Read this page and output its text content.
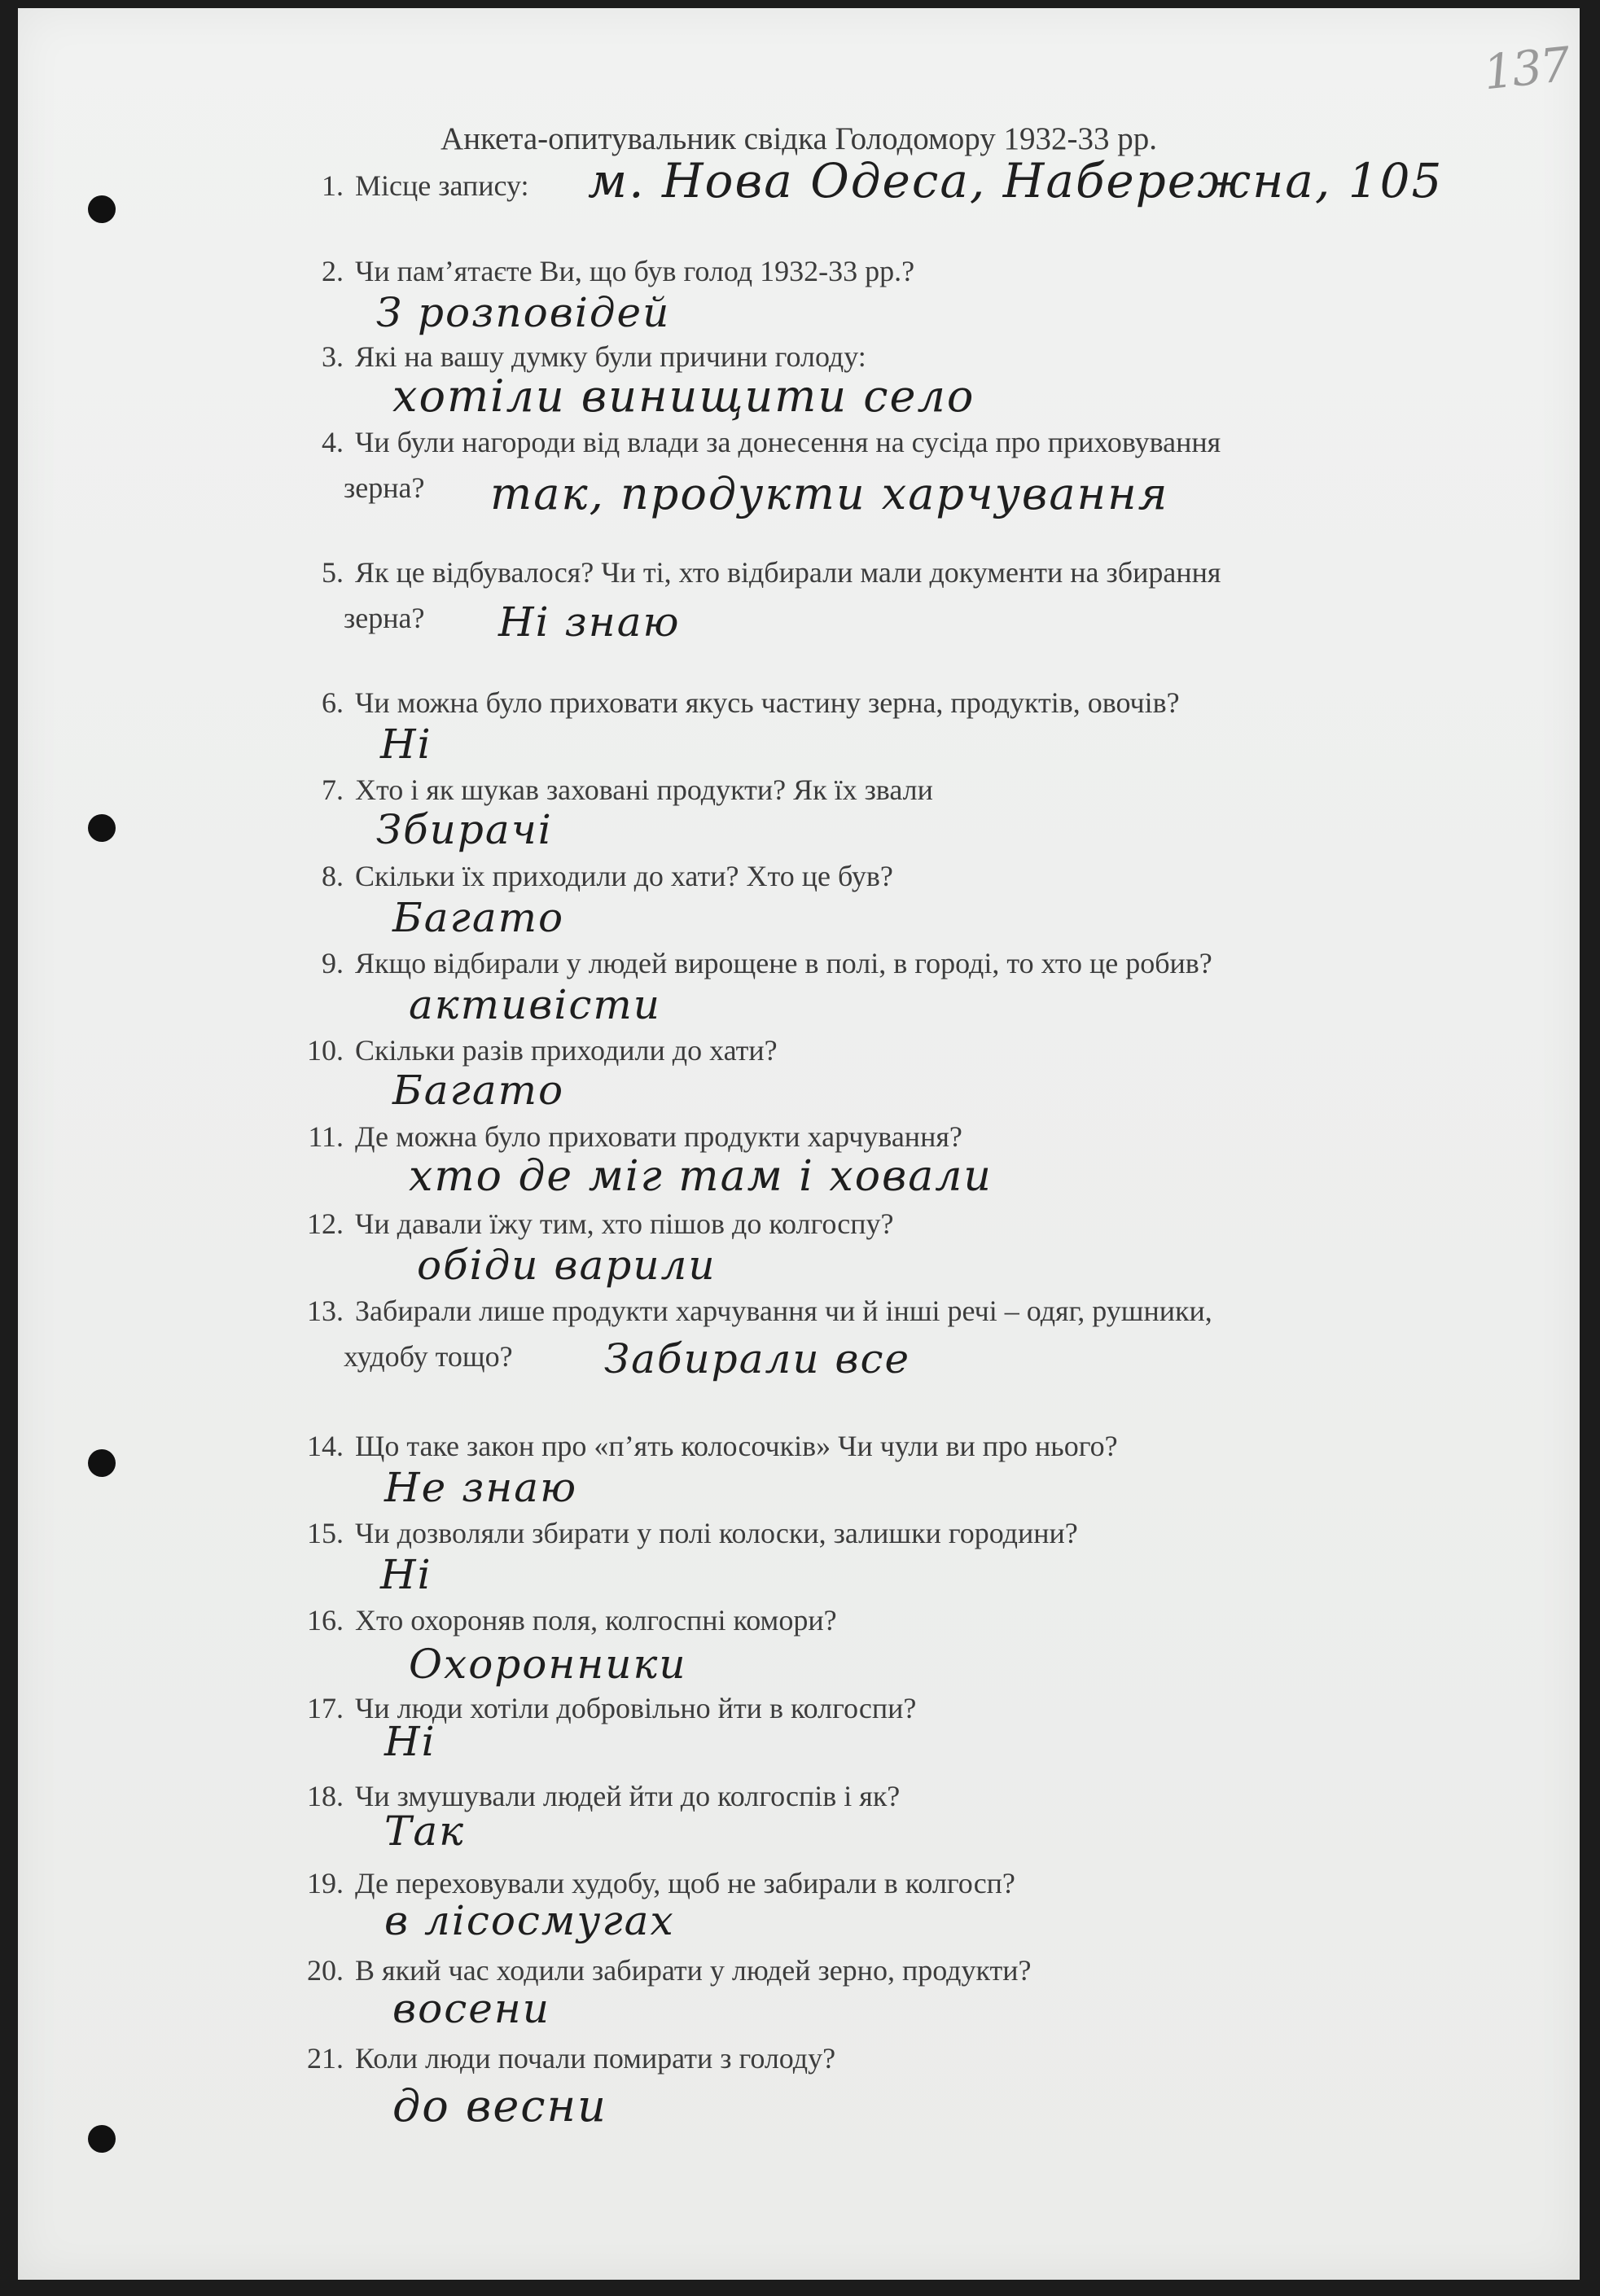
137
Анкета-опитувальник свідка Голодомору 1932-33 рр.
1. Місце запису:	м. Нова Одеса, Набережна, 105
2. Чи пам’ятаєте Ви, що був голод 1932-33 рр.?
З розповідей
3. Які на вашу думку були причини голоду:
хотіли винищити село
4. Чи були нагороди від влади за донесення на сусіда про приховування
зерна?	так, продукти харчування
5. Як це відбувалося? Чи ті, хто відбирали мали документи на збирання
зерна?	Ні знаю
6. Чи можна було приховати якусь частину зерна, продуктів, овочів?
Ні
7. Хто і як шукав заховані продукти? Як їх звали
Збирачі
8. Скільки їх приходили до хати? Хто це був?
Багато
9. Якщо відбирали у людей вирощене в полі, в городі, то хто це робив?
активісти
10. Скільки разів приходили до хати?
Багато
11. Де можна було приховати продукти харчування?
хто де міг там і ховали
12. Чи давали їжу тим, хто пішов до колгоспу?
обіди варили
13. Забирали лише продукти харчування чи й інші речі – одяг, рушники,
худобу тощо?	Забирали все
14. Що таке закон про «п’ять колосочків» Чи чули ви про нього?
Не знаю
15. Чи дозволяли збирати у полі колоски, залишки городини?
Ні
16. Хто охороняв поля, колгоспні комори?
Охоронники
17. Чи люди хотіли добровільно йти в колгоспи?
Ні
18. Чи змушували людей йти до колгоспів і як?
Так
19. Де переховували худобу, щоб не забирали в колгосп?
в лісосмугах
20. В який час ходили забирати у людей зерно, продукти?
восени
21. Коли люди почали помирати з голоду?
до весни
